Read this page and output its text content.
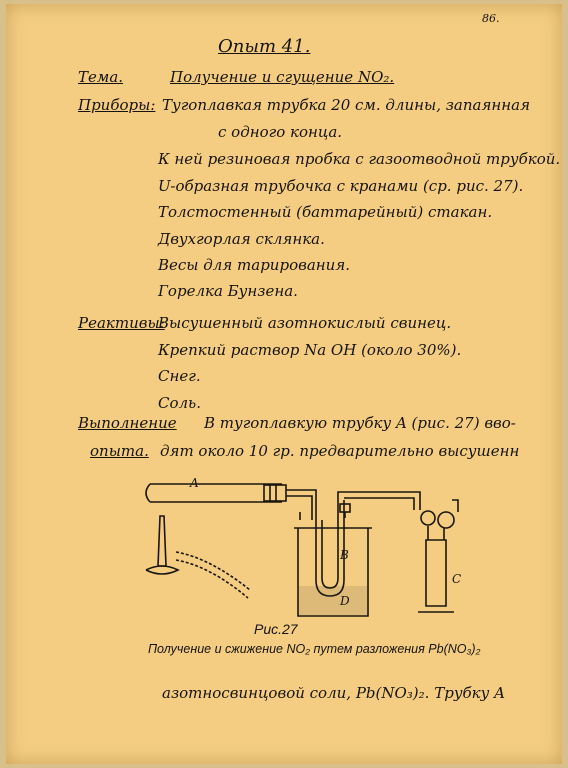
86.
Опыт 41.
Тема.	Получение и сгущение NO₂.
Приборы: Тугоплавкая трубка 20 см. длины, запаянная
с одного конца.
К ней резиновая пробка с газоотводной трубкой.
U-образная трубочка с кранами (ср. рис. 27).
Толстостенный (баттарейный) стакан.
Двухгорлая склянка.
Весы для тарирования.
Горелка Бунзена.
Реактивы:
Высушенный азотнокислый свинец.
Крепкий раствор Na OH (около 30%).
Снег.
Соль.
Выполнение
опыта.
В тугоплавкую трубку A (рис. 27) вво-
дят около 10 гр. предварительно высушенн
A
B
C
D
Рис.27
Получение и сжижение NO₂ путем разложения Pb(NO₃)₂
азотносвинцовой соли, Pb(NO₃)₂. Трубку A
